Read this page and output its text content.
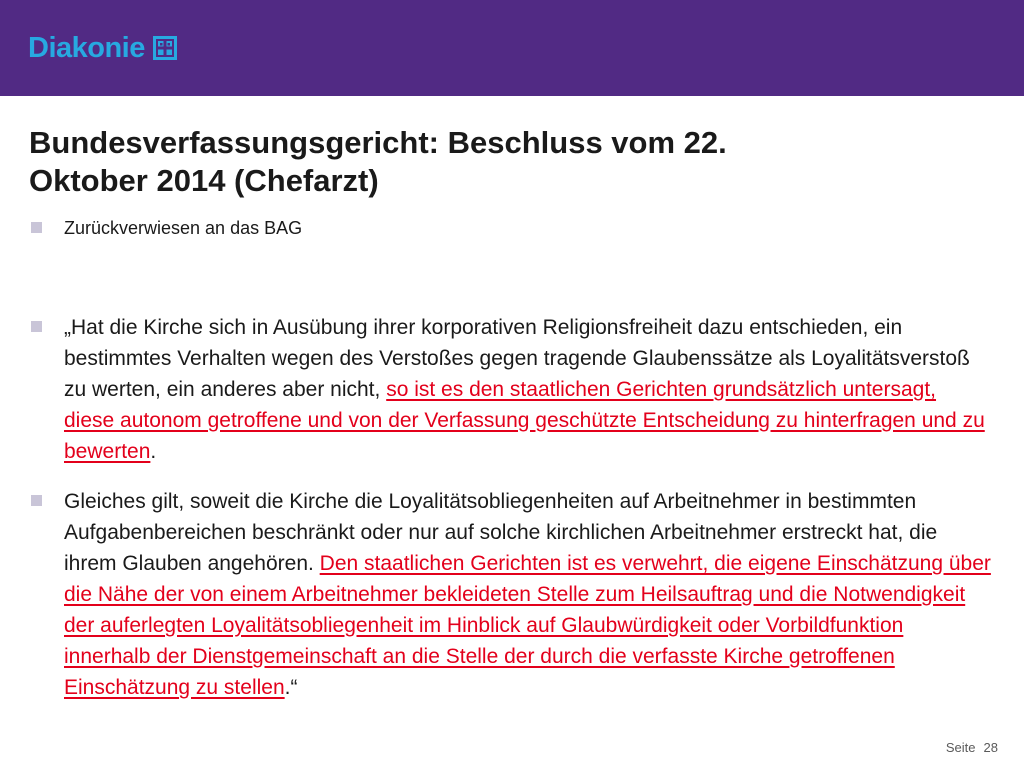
Diakonie
Bundesverfassungsgericht: Beschluss vom 22.
Oktober 2014 (Chefarzt)
Zurückverwiesen an das BAG
„Hat die Kirche sich in Ausübung ihrer korporativen Religionsfreiheit dazu entschieden, ein bestimmtes Verhalten wegen des Verstoßes gegen tragende Glaubenssätze als Loyalitätsverstoß zu werten, ein anderes aber nicht, so ist es den staatlichen Gerichten grundsätzlich untersagt, diese autonom getroffene und von der Verfassung geschützte Entscheidung zu hinterfragen und zu bewerten.
Gleiches gilt, soweit die Kirche die Loyalitätsobliegenheiten auf Arbeitnehmer in bestimmten Aufgabenbereichen beschränkt oder nur auf solche kirchlichen Arbeitnehmer erstreckt hat, die ihrem Glauben angehören. Den staatlichen Gerichten ist es verwehrt, die eigene Einschätzung über die Nähe der von einem Arbeitnehmer bekleideten Stelle zum Heilsauftrag und die Notwendigkeit der auferlegten Loyalitätsobliegenheit im Hinblick auf Glaubwürdigkeit oder Vorbildfunktion innerhalb der Dienstgemeinschaft an die Stelle der durch die verfasste Kirche getroffenen Einschätzung zu stellen.“
Seite 28
